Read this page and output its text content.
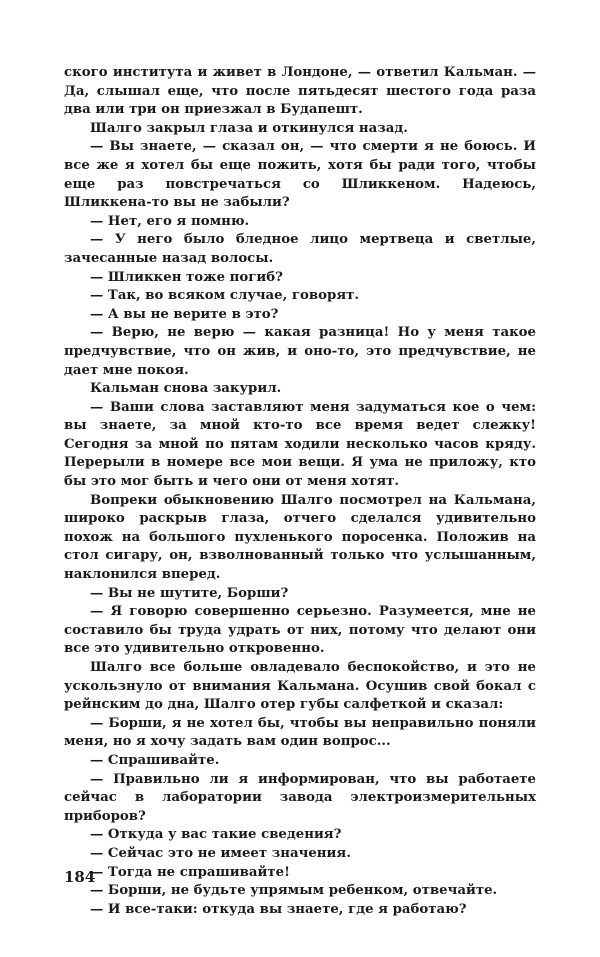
ского института и живет в Лондоне, — ответил Кальман. — Да, слышал еще, что после пятьдесят шестого года раза два или три он приезжал в Будапешт.

Шалго закрыл глаза и откинулся назад.

— Вы знаете, — сказал он, — что смерти я не боюсь. И все же я хотел бы еще пожить, хотя бы ради того, чтобы еще раз повстречаться со Шликкеном. Надеюсь, Шликкена-то вы не забыли?

— Нет, его я помню.

— У него было бледное лицо мертвеца и светлые, зачесанные назад волосы.

— Шликкен тоже погиб?

— Так, во всяком случае, говорят.

— А вы не верите в это?

— Верю, не верю — какая разница! Но у меня такое предчувствие, что он жив, и оно-то, это предчувствие, не дает мне покоя.

Кальман снова закурил.

— Ваши слова заставляют меня задуматься кое о чем: вы знаете, за мной кто-то все время ведет слежку! Сегодня за мной по пятам ходили несколько часов кряду. Перерыли в номере все мои вещи. Я ума не приложу, кто бы это мог быть и чего они от меня хотят.

Вопреки обыкновению Шалго посмотрел на Кальмана, широко раскрыв глаза, отчего сделался удивительно похож на большого пухленького поросенка. Положив на стол сигару, он, взволнованный только что услышанным, наклонился вперед.

— Вы не шутите, Борши?

— Я говорю совершенно серьезно. Разумеется, мне не составило бы труда удрать от них, потому что делают они все это удивительно откровенно.

Шалго все больше овладевало беспокойство, и это не ускользнуло от внимания Кальмана. Осушив свой бокал с рейнским до дна, Шалго отер губы салфеткой и сказал:

— Борши, я не хотел бы, чтобы вы неправильно поняли меня, но я хочу задать вам один вопрос...

— Спрашивайте.

— Правильно ли я информирован, что вы работаете сейчас в лаборатории завода электроизмерительных приборов?

— Откуда у вас такие сведения?

— Сейчас это не имеет значения.

— Тогда не спрашивайте!

— Борши, не будьте упрямым ребенком, отвечайте.

— И все-таки: откуда вы знаете, где я работаю?

184
